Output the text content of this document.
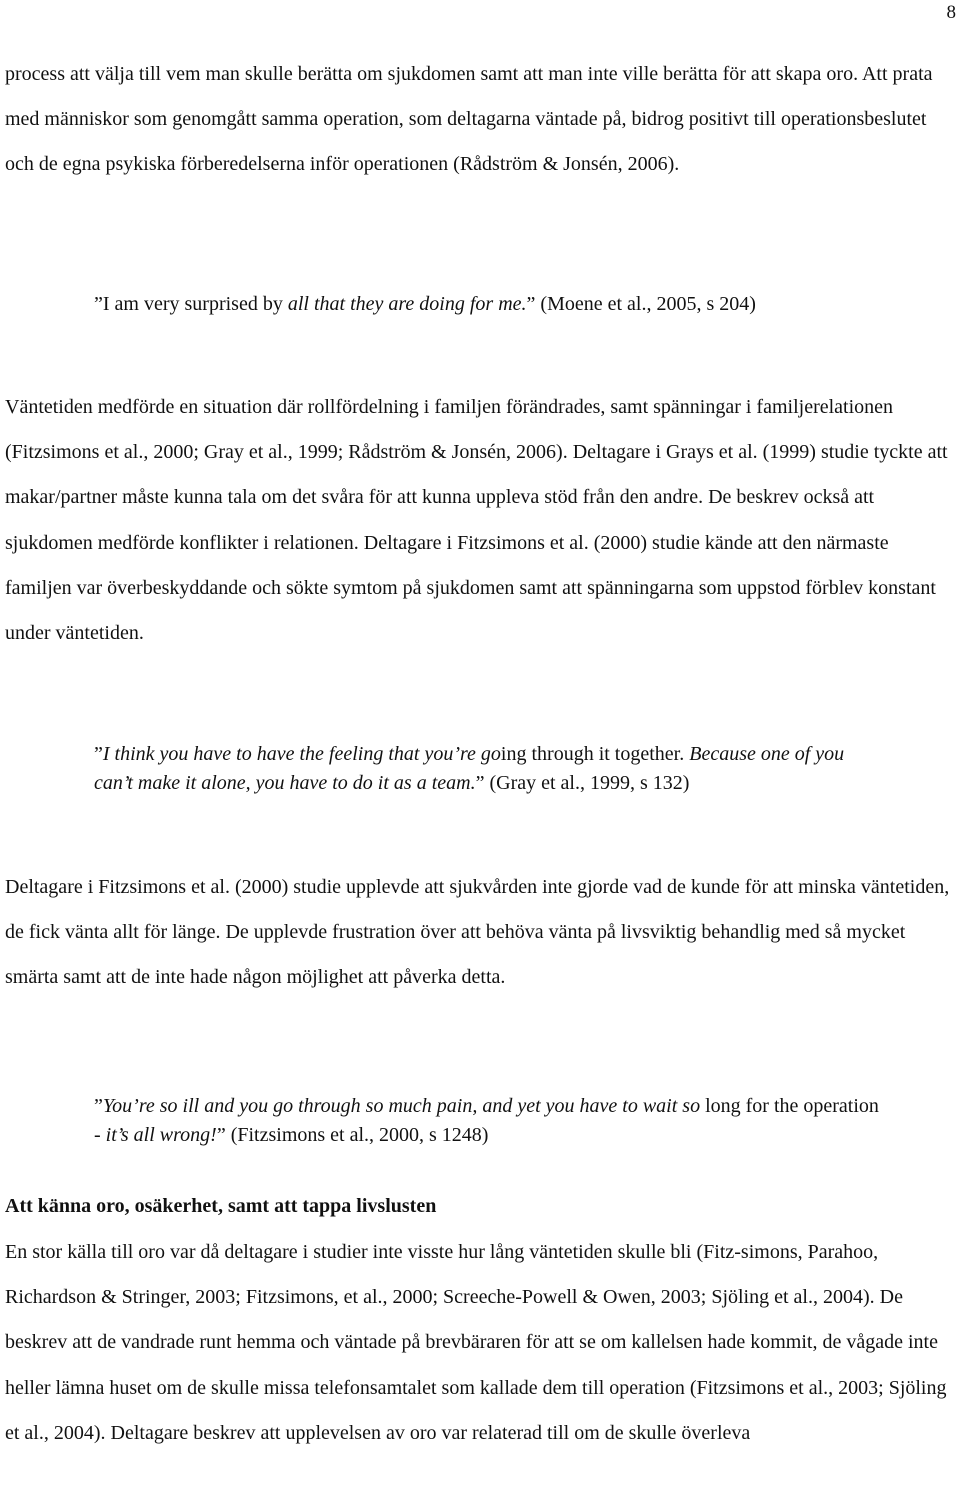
8
process att välja till vem man skulle berätta om sjukdomen samt att man inte ville berätta för att skapa oro. Att prata med människor som genomgått samma operation, som deltagarna väntade på, bidrog positivt till operationsbeslutet och de egna psykiska förberedelserna inför operationen (Rådström & Jonsén, 2006).
”I am very surprised by all that they are doing for me.” (Moene et al., 2005, s 204)
Väntetiden medförde en situation där rollfördelning i familjen förändrades, samt spänningar i familjerelationen (Fitzsimons et al., 2000; Gray et al., 1999; Rådström & Jonsén, 2006). Deltagare i Grays et al. (1999) studie tyckte att makar/partner måste kunna tala om det svåra för att kunna uppleva stöd från den andre. De beskrev också att sjukdomen medförde konflikter i relationen. Deltagare i Fitzsimons et al. (2000) studie kände att den närmaste familjen var överbeskyddande och sökte symtom på sjukdomen samt att spänningarna som uppstod förblev konstant under väntetiden.
”I think you have to have the feeling that you’re going through it together. Because one of you can’t make it alone, you have to do it as a team.” (Gray et al., 1999, s 132)
Deltagare i Fitzsimons et al. (2000) studie upplevde att sjukvården inte gjorde vad de kunde för att minska väntetiden, de fick vänta allt för länge. De upplevde frustration över att behöva vänta på livsviktig behandlig med så mycket smärta samt att de inte hade någon möjlighet att påverka detta.
”You’re so ill and you go through so much pain, and yet you have to wait so long for the operation - it’s all wrong!” (Fitzsimons et al., 2000, s 1248)
Att känna oro, osäkerhet, samt att tappa livslusten
En stor källa till oro var då deltagare i studier inte visste hur lång väntetiden skulle bli (Fitz-simons, Parahoo, Richardson & Stringer, 2003; Fitzsimons, et al., 2000; Screeche-Powell & Owen, 2003; Sjöling et al., 2004). De beskrev att de vandrade runt hemma och väntade på brevbäraren för att se om kallelsen hade kommit, de vågade inte heller lämna huset om de skulle missa telefonsamtalet som kallade dem till operation (Fitzsimons et al., 2003; Sjöling et al., 2004). Deltagare beskrev att upplevelsen av oro var relaterad till om de skulle överleva
